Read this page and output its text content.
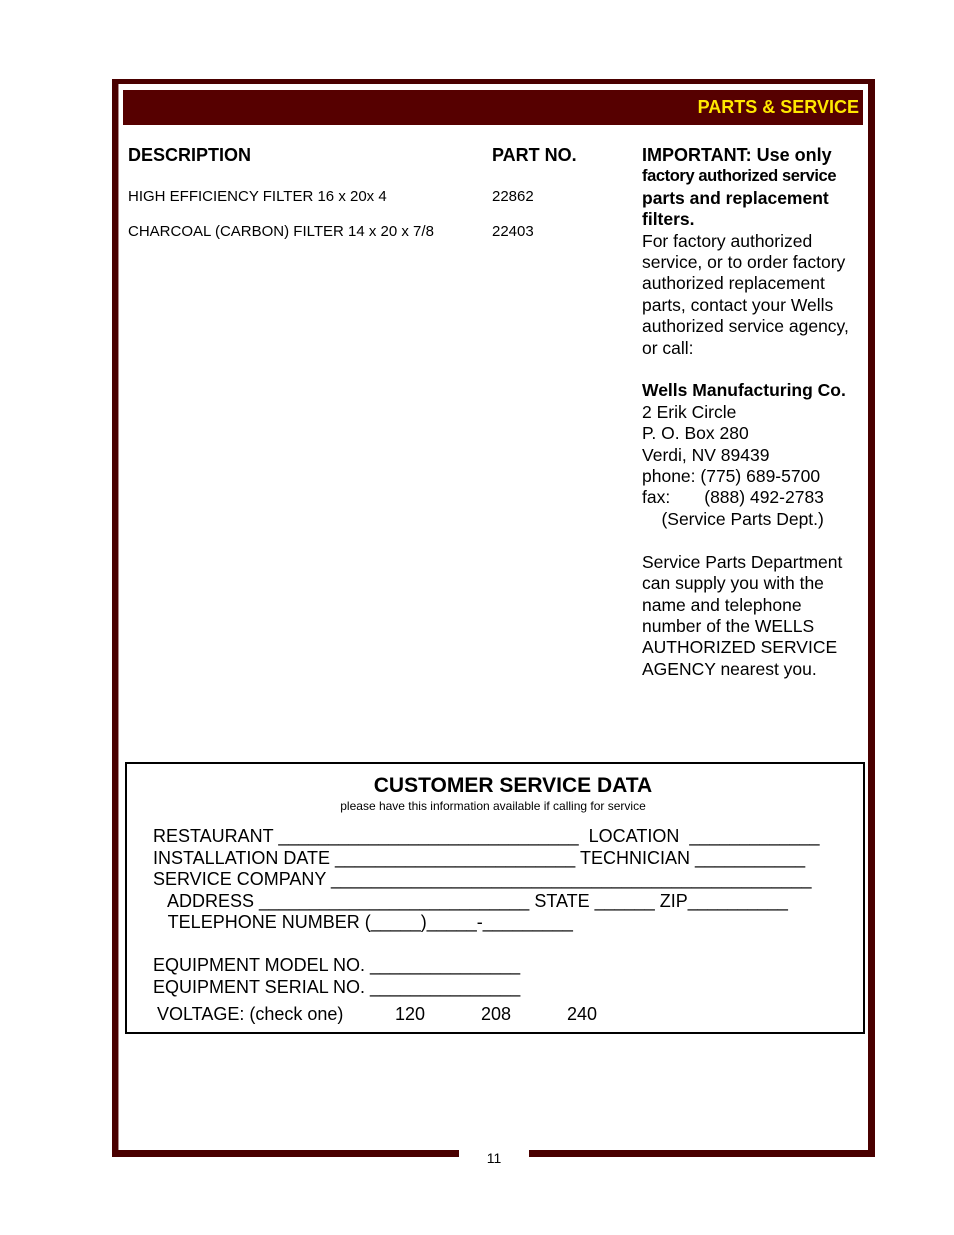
PARTS & SERVICE
DESCRIPTION	PART NO.
HIGH EFFICIENCY FILTER 16 x 20x 4	22862
CHARCOAL (CARBON) FILTER 14 x 20 x 7/8	22403
IMPORTANT: Use only
factory authorized service
parts and replacement
filters.
For factory authorized
service, or to order factory
authorized replacement
parts, contact your Wells
authorized service agency,
or call:
Wells Manufacturing Co.
2 Erik Circle
P. O. Box 280
Verdi, NV 89439
phone: (775) 689-5700
fax:       (888) 492-2783
(Service Parts Dept.)
Service Parts Department
can supply you with the
name and telephone
number of the WELLS
AUTHORIZED SERVICE
AGENCY nearest you.
CUSTOMER SERVICE DATA
please have this information available if calling for service
RESTAURANT ______________________________  LOCATION  _____________
INSTALLATION DATE ________________________ TECHNICIAN ___________
SERVICE COMPANY ________________________________________________
ADDRESS ___________________________ STATE ______ ZIP__________
TELEPHONE NUMBER (_____)_____-_________
EQUIPMENT MODEL NO. _______________
EQUIPMENT SERIAL NO. _______________
VOLTAGE: (check one)	120	208	240
11
